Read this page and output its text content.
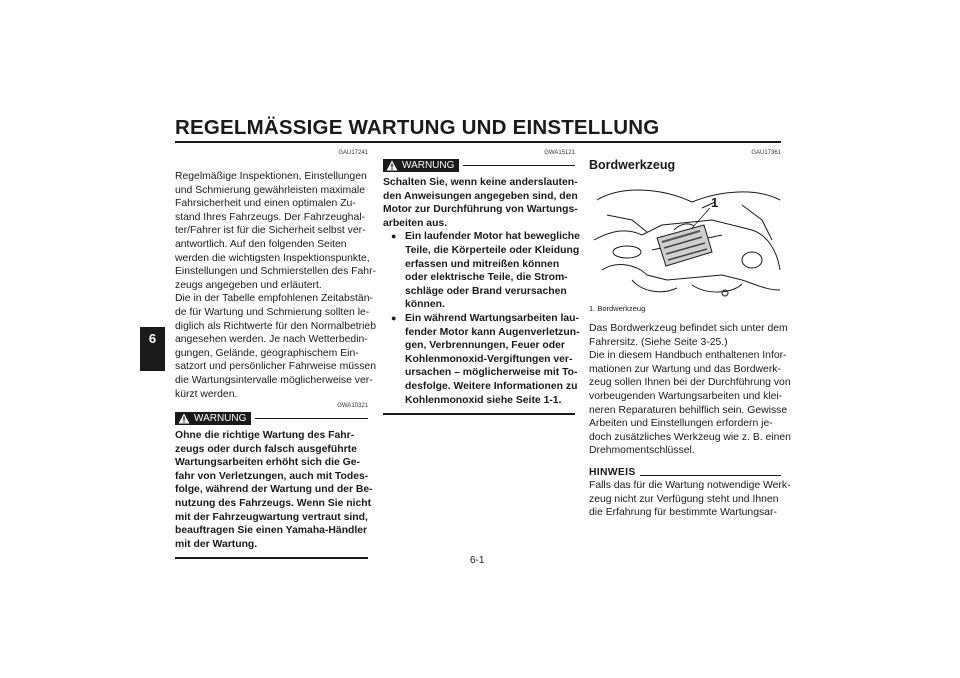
REGELMÄSSIGE WARTUNG UND EINSTELLUNG
6
GAU17241
Regelmäßige Inspektionen, Einstellungen
und Schmierung gewährleisten maximale
Fahrsicherheit und einen optimalen Zu-
stand Ihres Fahrzeugs. Der Fahrzeughal-
ter/Fahrer ist für die Sicherheit selbst ver-
antwortlich. Auf den folgenden Seiten
werden die wichtigsten Inspektionspunkte,
Einstellungen und Schmierstellen des Fahr-
zeugs angegeben und erläutert.
Die in der Tabelle empfohlenen Zeitabstän-
de für Wartung und Schmierung sollten le-
diglich als Richtwerte für den Normalbetrieb
angesehen werden. Je nach Wetterbedin-
gungen, Gelände, geographischem Ein-
satzort und persönlicher Fahrweise müssen
die Wartungsintervalle möglicherweise ver-
kürzt werden.
GWA10321
WARNUNG
Ohne die richtige Wartung des Fahr-
zeugs oder durch falsch ausgeführte
Wartungsarbeiten erhöht sich die Ge-
fahr von Verletzungen, auch mit Todes-
folge, während der Wartung und der Be-
nutzung des Fahrzeugs. Wenn Sie nicht
mit der Fahrzeugwartung vertraut sind,
beauftragen Sie einen Yamaha-Händler
mit der Wartung.
GWA15121
WARNUNG
Schalten Sie, wenn keine anderslauten-
den Anweisungen angegeben sind, den
Motor zur Durchführung von Wartungs-
arbeiten aus.
● Ein laufender Motor hat bewegliche
Teile, die Körperteile oder Kleidung
erfassen und mitreißen können
oder elektrische Teile, die Strom-
schläge oder Brand verursachen
können.
● Ein während Wartungsarbeiten lau-
fender Motor kann Augenverletzun-
gen, Verbrennungen, Feuer oder
Kohlenmonoxid-Vergiftungen ver-
ursachen – möglicherweise mit To-
desfolge. Weitere Informationen zu
Kohlenmonoxid siehe Seite 1-1.
GAU17361
Bordwerkzeug
1
1. Bordwerkzeug
Das Bordwerkzeug befindet sich unter dem
Fahrersitz. (Siehe Seite 3-25.)
Die in diesem Handbuch enthaltenen Infor-
mationen zur Wartung und das Bordwerk-
zeug sollen Ihnen bei der Durchführung von
vorbeugenden Wartungsarbeiten und klei-
neren Reparaturen behilflich sein. Gewisse
Arbeiten und Einstellungen erfordern je-
doch zusätzliches Werkzeug wie z. B. einen
Drehmomentschlüssel.
HINWEIS
Falls das für die Wartung notwendige Werk-
zeug nicht zur Verfügung steht und Ihnen
die Erfahrung für bestimmte Wartungsar-
6-1
